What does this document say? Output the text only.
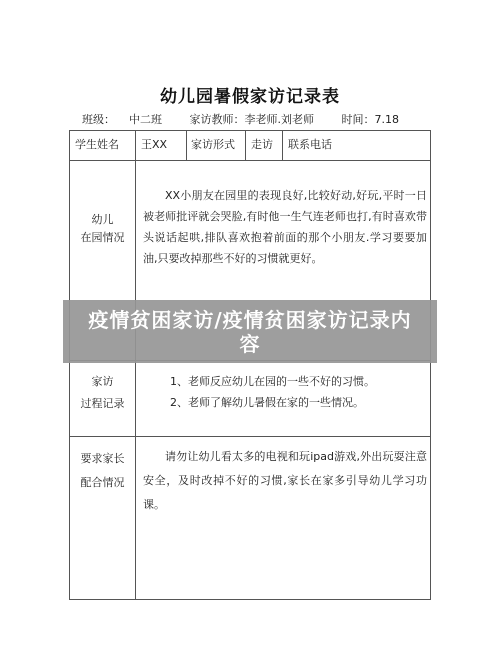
幼儿园暑假家访记录表
班级： 中二班	家访教师：李老师.刘老师	时间：7.18
学生姓名 王XX 家访形式 走访 联系电话
幼儿
在园情况
XX小朋友在园里的表现良好,比较好动,好玩,平时一日被老师批评就会哭脸,有时他一生气连老师也打,有时喜欢带头说话起哄,排队喜欢抱着前面的那个小朋友.学习要要加油,只要改掉那些不好的习惯就更好。
家访
过程记录
1、老师反应幼儿在园的一些不好的习惯。
2、老师了解幼儿暑假在家的一些情况。
要求家长
配合情况
请勿让幼儿看太多的电视和玩ipad游戏,外出玩耍注意安全，及时改掉不好的习惯,家长在家多引导幼儿学习功课。
疫情贫困家访/疫情贫困家访记录内
容
